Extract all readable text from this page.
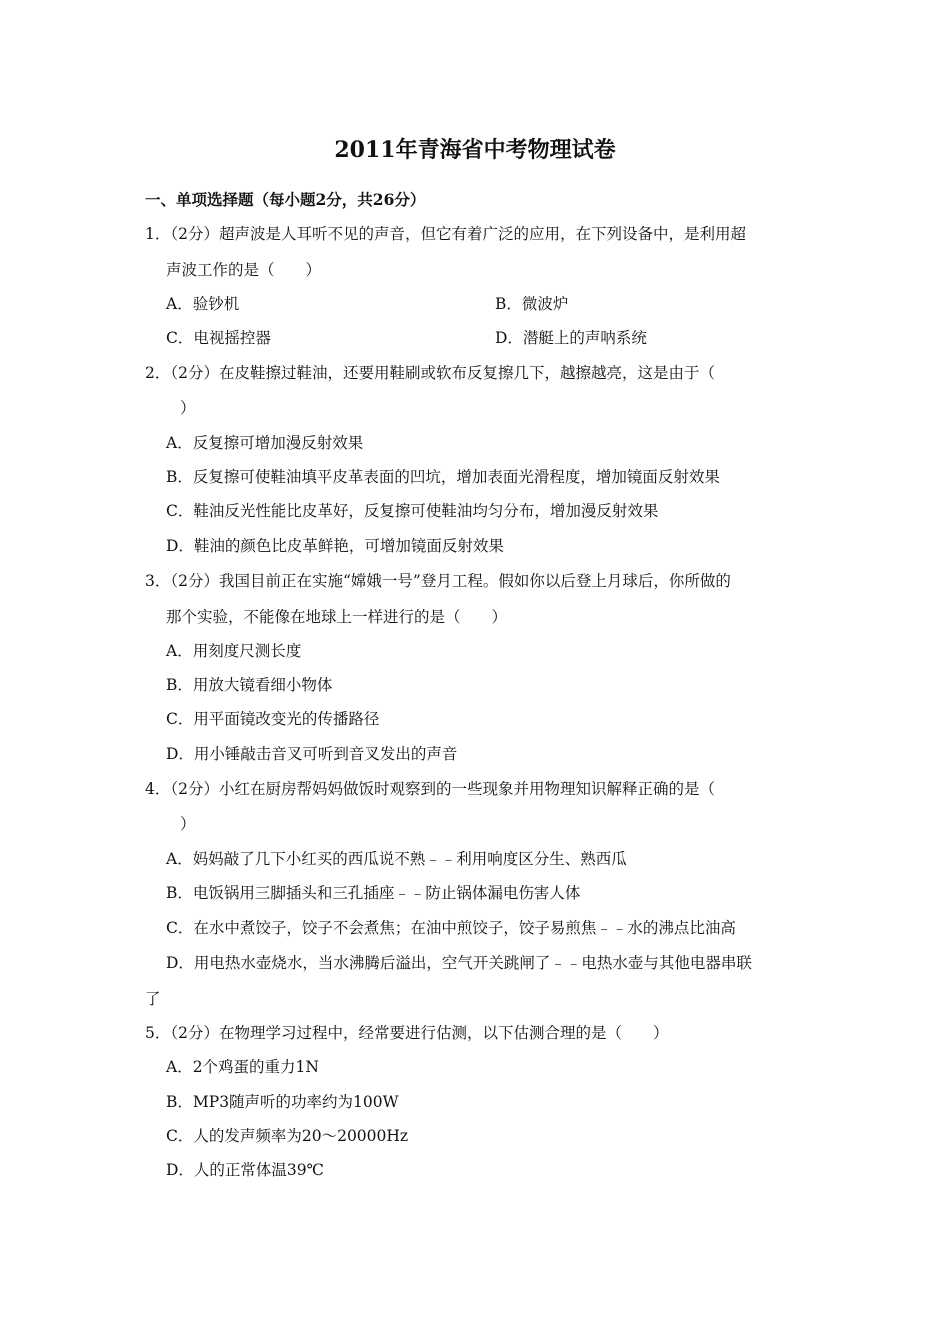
2011年青海省中考物理试卷
一、单项选择题（每小题2分，共26分）
1．（2分）超声波是人耳听不见的声音，但它有着广泛的应用，在下列设备中，是利用超
声波工作的是（　　）
A．验钞机	B．微波炉
C．电视摇控器	D．潜艇上的声呐系统
2．（2分）在皮鞋擦过鞋油，还要用鞋刷或软布反复擦几下，越擦越亮，这是由于（
）
A．反复擦可增加漫反射效果
B．反复擦可使鞋油填平皮革表面的凹坑，增加表面光滑程度，增加镜面反射效果
C．鞋油反光性能比皮革好，反复擦可使鞋油均匀分布，增加漫反射效果
D．鞋油的颜色比皮革鲜艳，可增加镜面反射效果
3．（2分）我国目前正在实施“嫦娥一号”登月工程。假如你以后登上月球后，你所做的
那个实验，不能像在地球上一样进行的是（　　）
A．用刻度尺测长度
B．用放大镜看细小物体
C．用平面镜改变光的传播路径
D．用小锤敲击音叉可听到音叉发出的声音
4．（2分）小红在厨房帮妈妈做饭时观察到的一些现象并用物理知识解释正确的是（
）
A．妈妈敲了几下小红买的西瓜说不熟﹣﹣利用响度区分生、熟西瓜
B．电饭锅用三脚插头和三孔插座﹣﹣防止锅体漏电伤害人体
C．在水中煮饺子，饺子不会煮焦；在油中煎饺子，饺子易煎焦﹣﹣水的沸点比油高
D．用电热水壶烧水，当水沸腾后溢出，空气开关跳闸了﹣﹣电热水壶与其他电器串联
了
5．（2分）在物理学习过程中，经常要进行估测，以下估测合理的是（　　）
A．2个鸡蛋的重力1N
B．MP3随声听的功率约为100W
C．人的发声频率为20～20000Hz
D．人的正常体温39℃
